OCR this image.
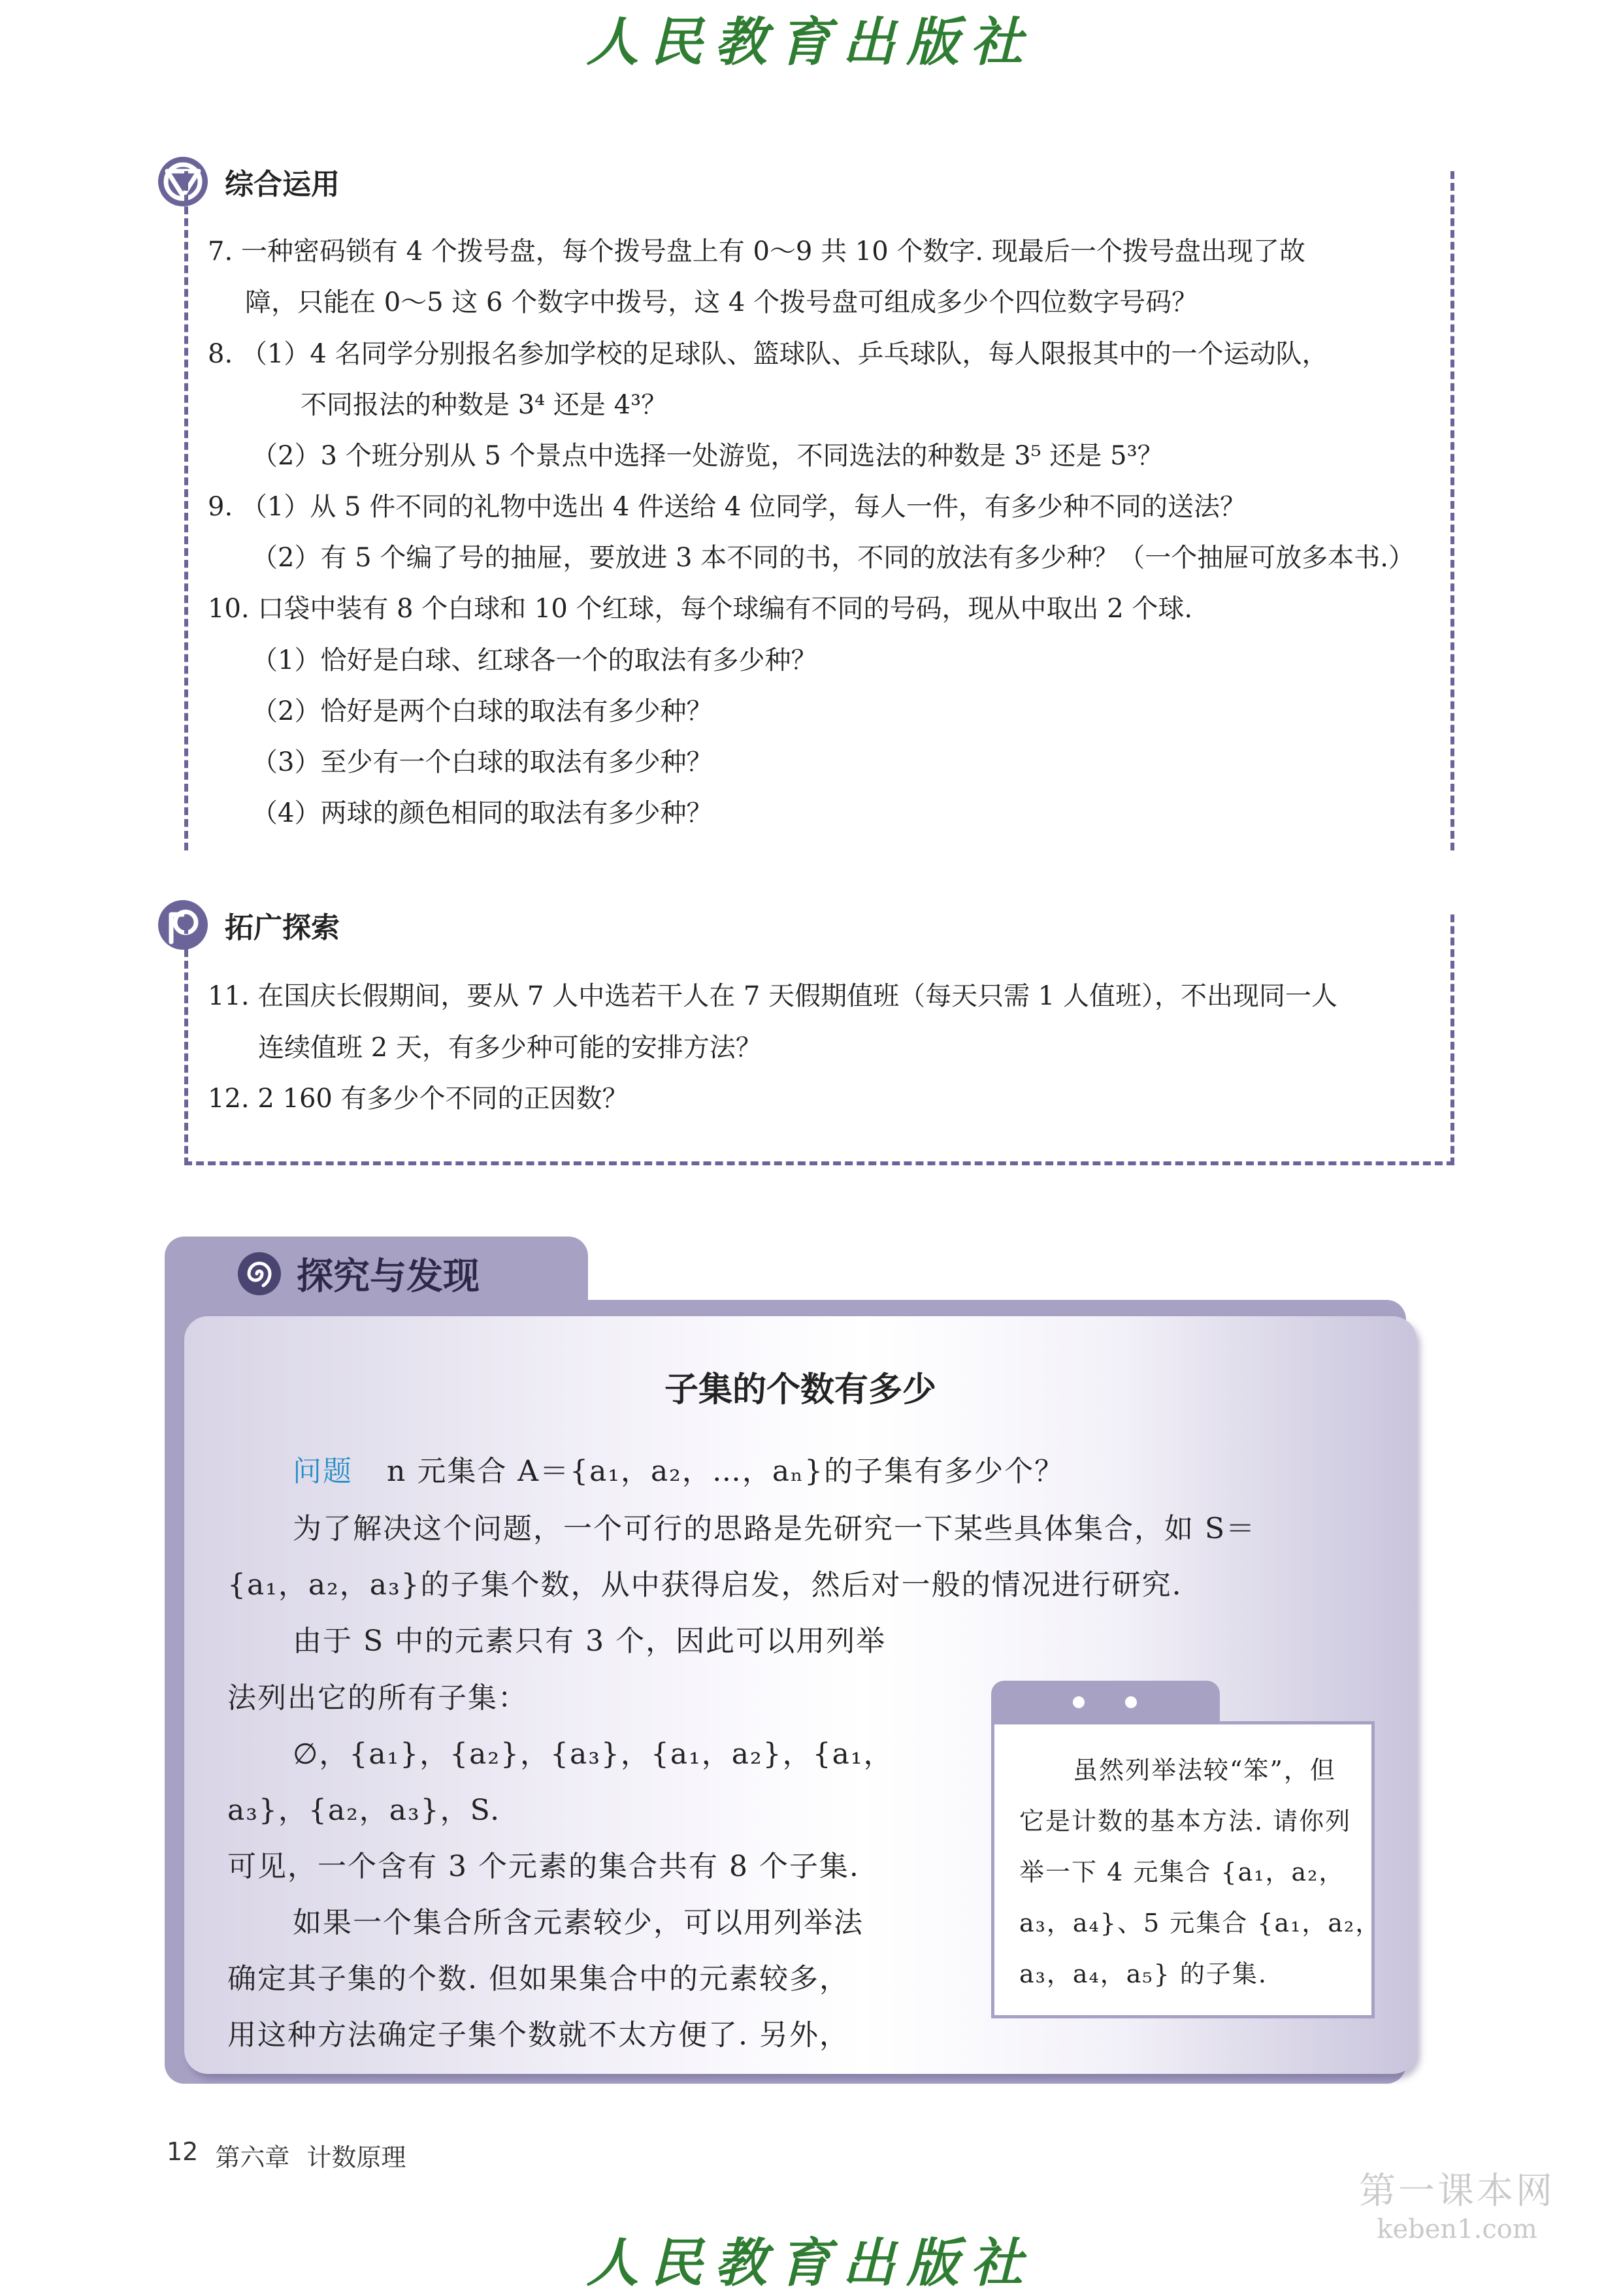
人民教育出版社
综合运用
7. 一种密码锁有 4 个拨号盘，每个拨号盘上有 0～9 共 10 个数字. 现最后一个拨号盘出现了故
障，只能在 0～5 这 6 个数字中拨号，这 4 个拨号盘可组成多少个四位数字号码？
8. （1）4 名同学分别报名参加学校的足球队、篮球队、乒乓球队，每人限报其中的一个运动队，
不同报法的种数是 3⁴ 还是 4³？
（2）3 个班分别从 5 个景点中选择一处游览，不同选法的种数是 3⁵ 还是 5³？
9. （1）从 5 件不同的礼物中选出 4 件送给 4 位同学，每人一件，有多少种不同的送法？
（2）有 5 个编了号的抽屉，要放进 3 本不同的书，不同的放法有多少种？（一个抽屉可放多本书.）
10. 口袋中装有 8 个白球和 10 个红球，每个球编有不同的号码，现从中取出 2 个球.
（1）恰好是白球、红球各一个的取法有多少种？
（2）恰好是两个白球的取法有多少种？
（3）至少有一个白球的取法有多少种？
（4）两球的颜色相同的取法有多少种？
拓广探索
11. 在国庆长假期间，要从 7 人中选若干人在 7 天假期值班（每天只需 1 人值班），不出现同一人
连续值班 2 天，有多少种可能的安排方法？
12. 2 160 有多少个不同的正因数？
探究与发现
子集的个数有多少
问题 n 元集合 A＝{a₁，a₂，…，aₙ}的子集有多少个？
为了解决这个问题，一个可行的思路是先研究一下某些具体集合，如 S＝
{a₁，a₂，a₃}的子集个数，从中获得启发，然后对一般的情况进行研究.
由于 S 中的元素只有 3 个，因此可以用列举
法列出它的所有子集：
∅，{a₁}，{a₂}，{a₃}，{a₁，a₂}，{a₁，
a₃}，{a₂，a₃}，S.
可见，一个含有 3 个元素的集合共有 8 个子集.
如果一个集合所含元素较少，可以用列举法
确定其子集的个数. 但如果集合中的元素较多，
用这种方法确定子集个数就不太方便了. 另外，
虽然列举法较“笨”，但
它是计数的基本方法. 请你列
举一下 4 元集合 {a₁，a₂，
a₃，a₄}、5 元集合 {a₁，a₂，
a₃，a₄，a₅} 的子集.
12 第六章 计数原理
第一课本网
keben1.com
人民教育出版社
